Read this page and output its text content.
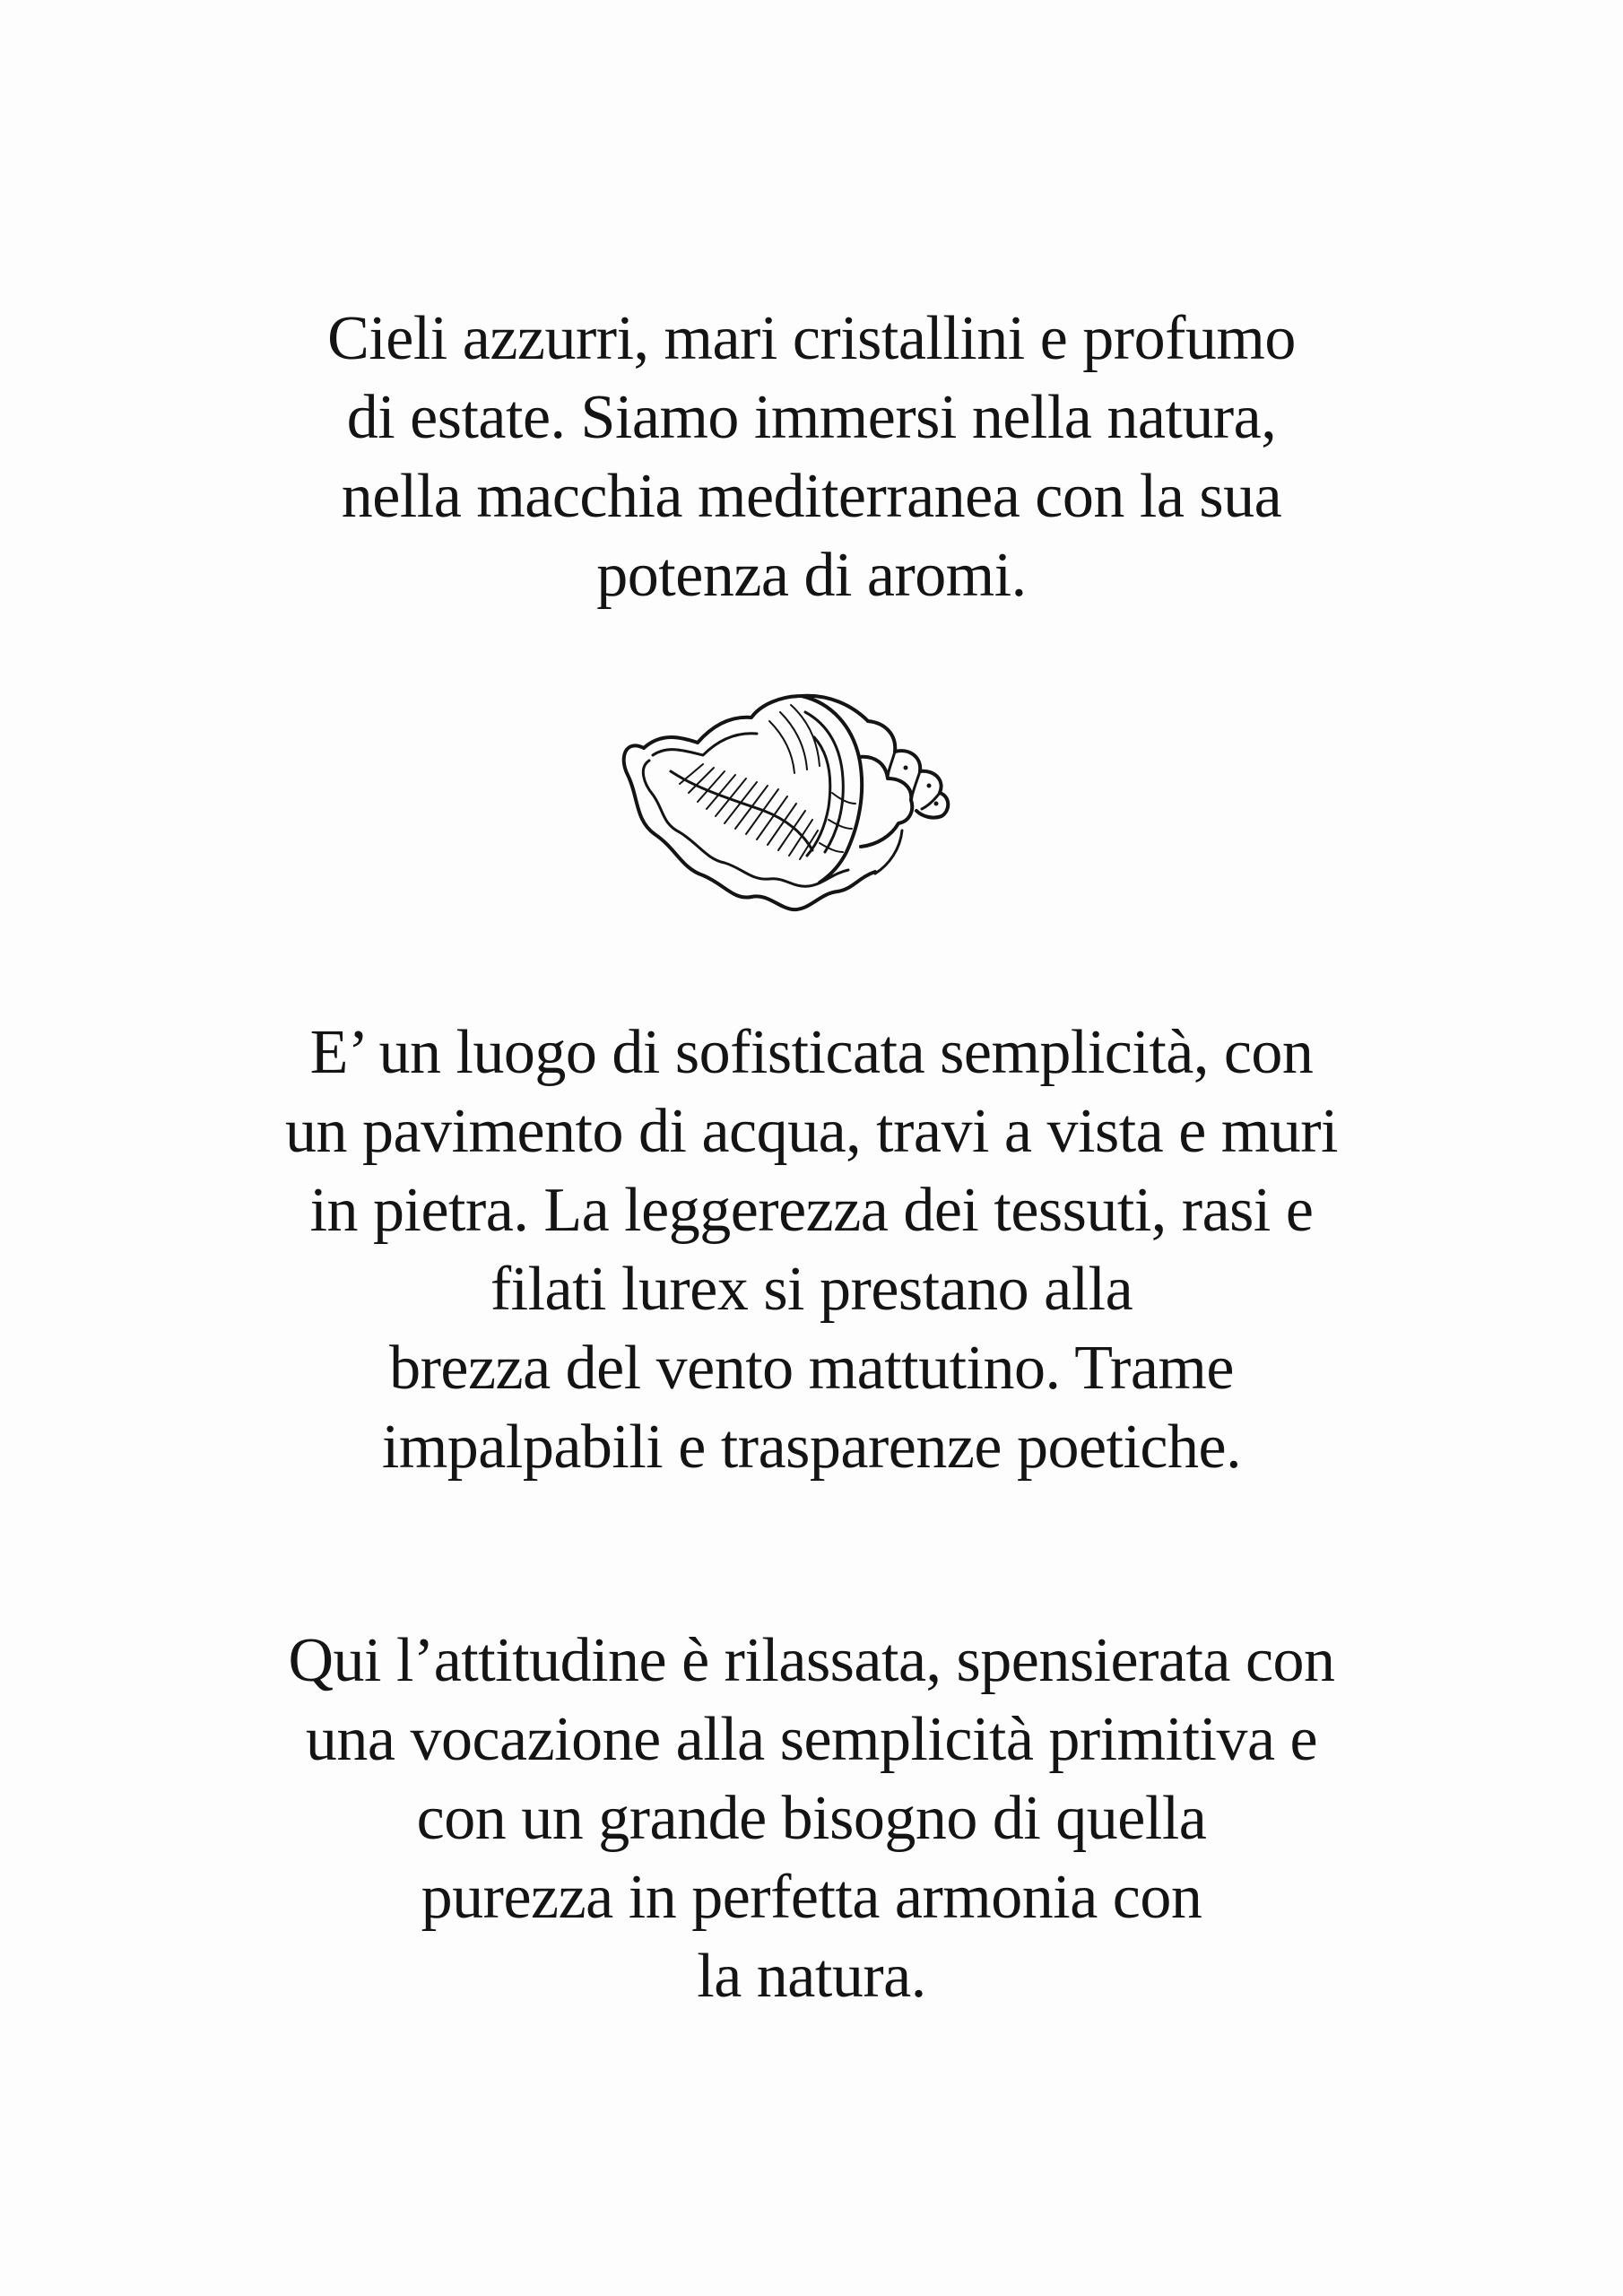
Cieli azzurri, mari cristallini e profumo
di estate. Siamo immersi nella natura,
nella macchia mediterranea con la sua
potenza di aromi.
E’ un luogo di sofisticata semplicità, con
un pavimento di acqua, travi a vista e muri
in pietra. La leggerezza dei tessuti, rasi e
filati lurex si prestano alla
brezza del vento mattutino. Trame
impalpabili e trasparenze poetiche.
Qui l’attitudine è rilassata, spensierata con
una vocazione alla semplicità primitiva e
con un grande bisogno di quella
purezza in perfetta armonia con
la natura.
